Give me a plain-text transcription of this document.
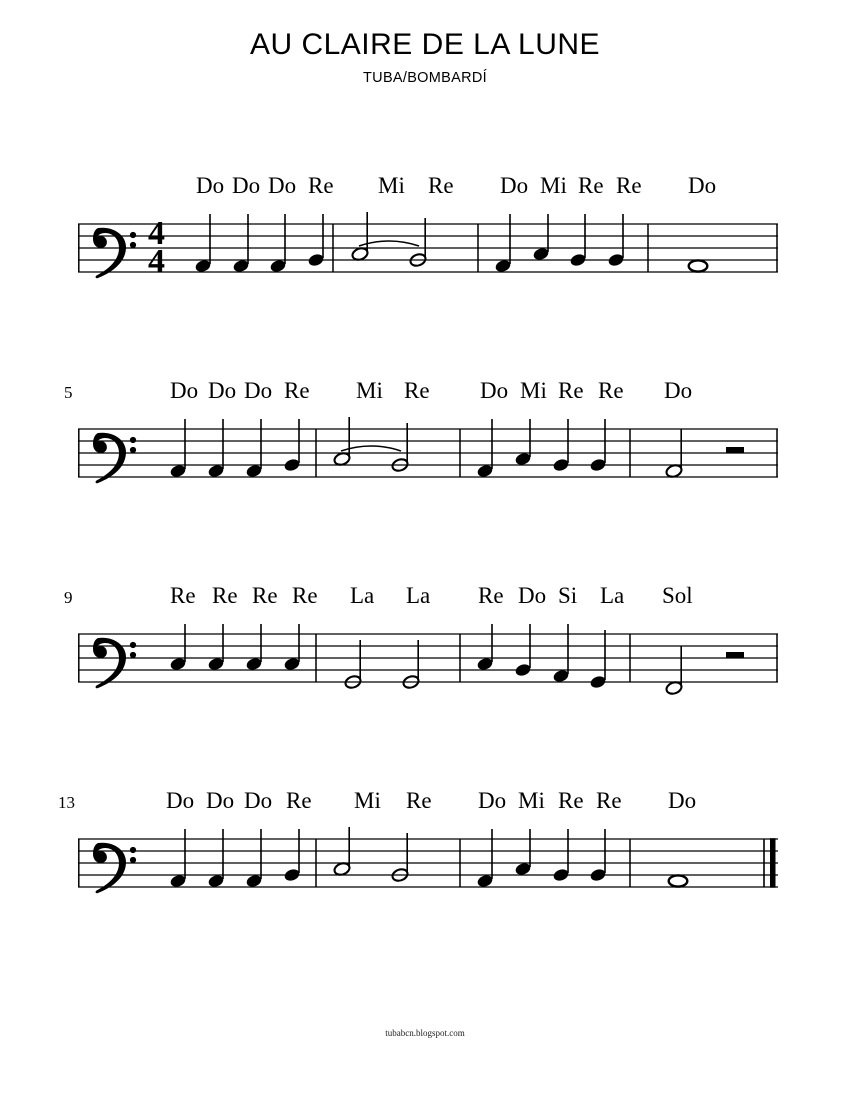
AU CLAIRE DE LA LUNE
TUBA/BOMBARDÍ
Do Do Do Re Mi Re Do Mi Re Re Do
4
4
5	Do Do Do Re Mi Re Do Mi Re Re Do
9	Re Re Re Re La La Re Do Si La Sol
13	Do Do Do Re Mi Re Do Mi Re Re Do
tubabcn.blogspot.com
